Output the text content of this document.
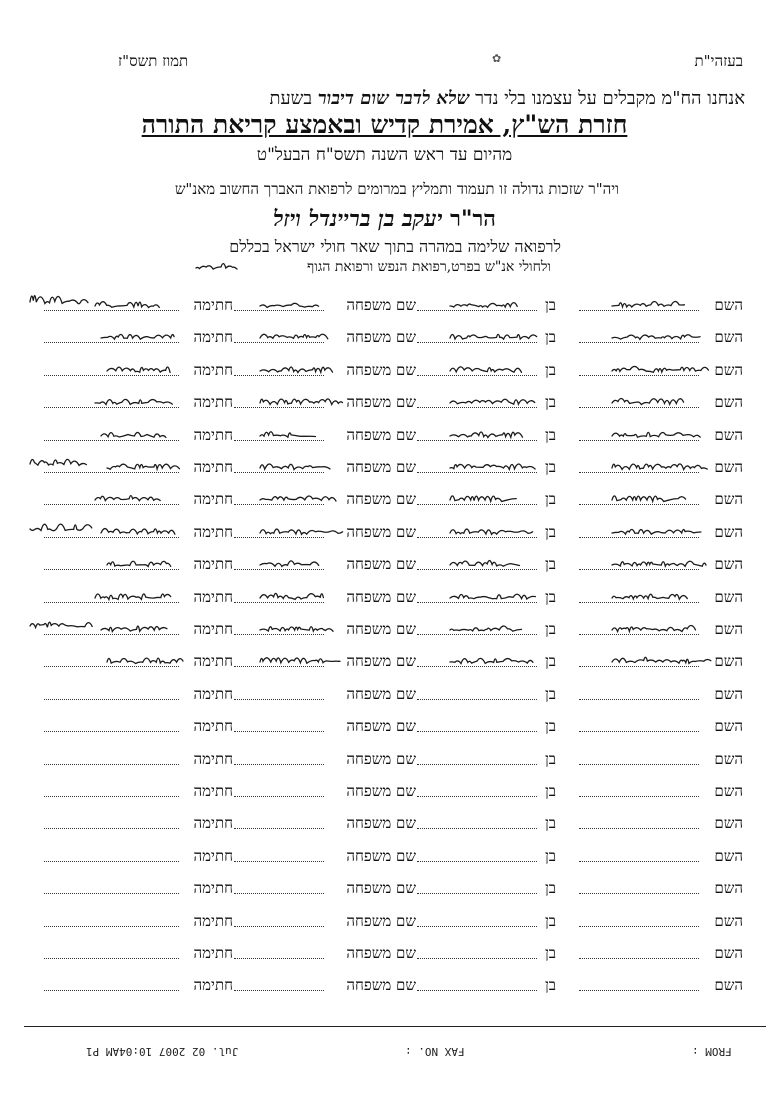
בעזהי"ת
תמוז תשס"ז	✿
אנחנו הח"מ מקבלים על עצמנו בלי נדר שלא לדבר שום דיבור בשעת
חזרת הש"ץ, אמירת קדיש ובאמצע קריאת התורה
מהיום עד ראש השנה תשס"ח הבעל"ט
ויה"ר שזכות גדולה זו תעמוד ותמליץ במרומים לרפואת האברך החשוב מאנ"ש
הר"ר יעקב בן בריינדל ויזל
לרפואה שלימה במהרה בתוך שאר חולי ישראל בכללם
ולחולי אנ"ש בפרט,רפואת הנפש ורפואת הגוף
השם
בן
שם משפחה
חתימה
השם
בן
שם משפחה
חתימה
השם
בן
שם משפחה
חתימה
השם
בן
שם משפחה
חתימה
השם
בן
שם משפחה
חתימה
השם
בן
שם משפחה
חתימה
השם
בן
שם משפחה
חתימה
השם
בן
שם משפחה
חתימה
השם
בן
שם משפחה
חתימה
השם
בן
שם משפחה
חתימה
השם
בן
שם משפחה
חתימה
השם
בן
שם משפחה
חתימה
השם
בן
שם משפחה
חתימה
השם
בן
שם משפחה
חתימה
השם
בן
שם משפחה
חתימה
השם
בן
שם משפחה
חתימה
השם
בן
שם משפחה
חתימה
השם
בן
שם משפחה
חתימה
השם
בן
שם משפחה
חתימה
השם
בן
שם משפחה
חתימה
השם
בן
שם משפחה
חתימה
השם
בן
שם משפחה
חתימה
FROM :
FAX NO. :
Jul. 02 2007 10:04AM P1
